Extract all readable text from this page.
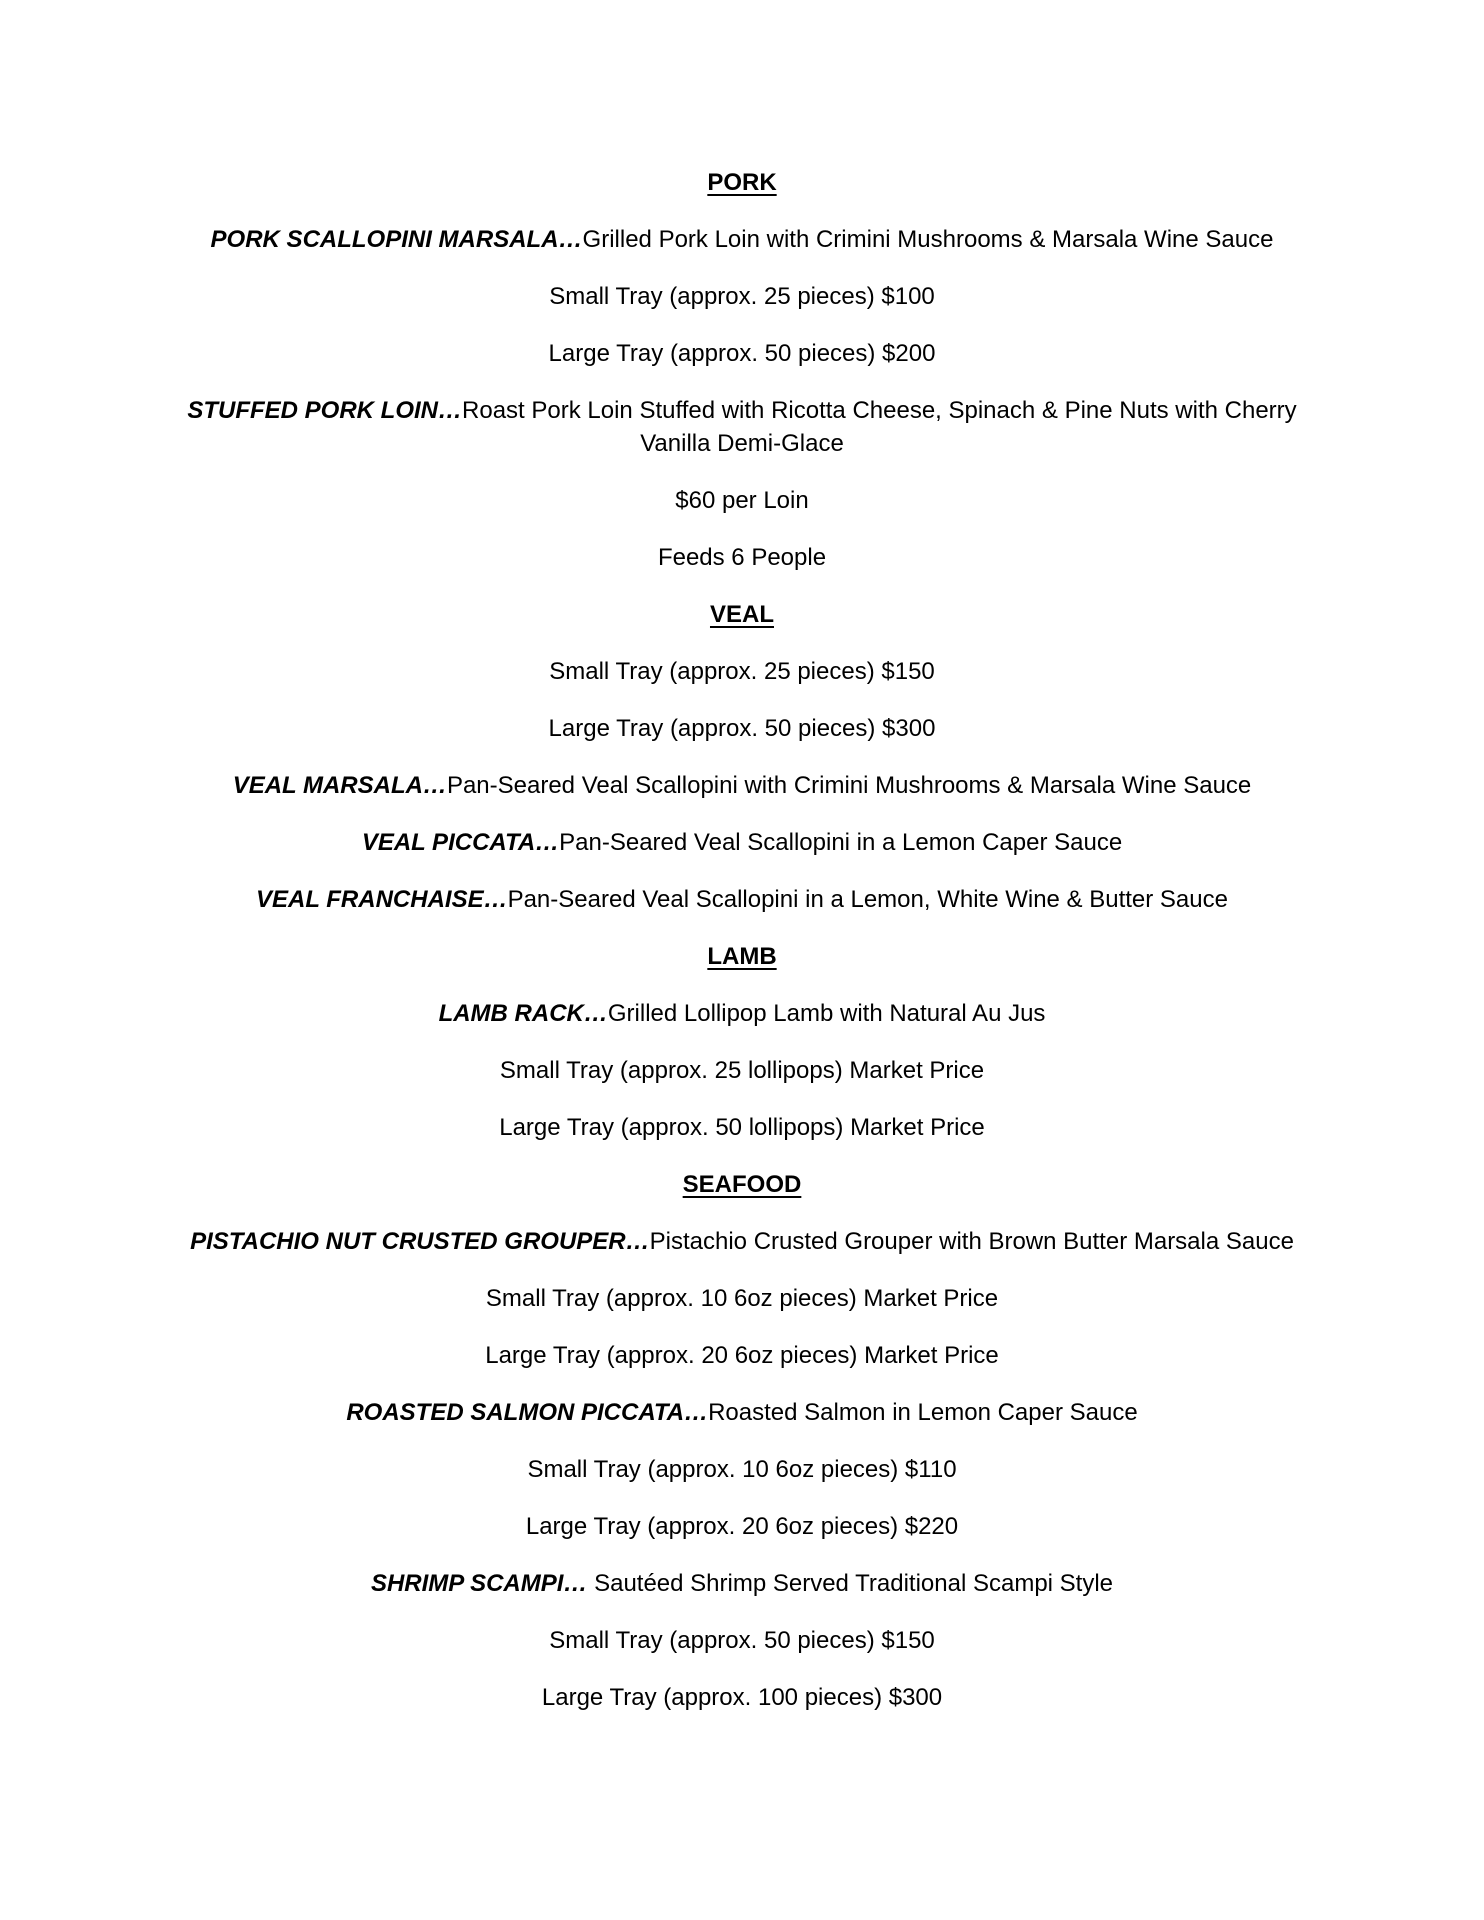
PORK
PORK SCALLOPINI MARSALA…Grilled Pork Loin with Crimini Mushrooms & Marsala Wine Sauce
Small Tray (approx. 25 pieces) $100
Large Tray (approx. 50 pieces) $200
STUFFED PORK LOIN…Roast Pork Loin Stuffed with Ricotta Cheese, Spinach & Pine Nuts with Cherry Vanilla Demi-Glace
$60 per Loin
Feeds 6 People
VEAL
Small Tray (approx. 25 pieces) $150
Large Tray (approx. 50 pieces) $300
VEAL MARSALA…Pan-Seared Veal Scallopini with Crimini Mushrooms & Marsala Wine Sauce
VEAL PICCATA…Pan-Seared Veal Scallopini in a Lemon Caper Sauce
VEAL FRANCHAISE…Pan-Seared Veal Scallopini in a Lemon, White Wine & Butter Sauce
LAMB
LAMB RACK…Grilled Lollipop Lamb with Natural Au Jus
Small Tray (approx. 25 lollipops) Market Price
Large Tray (approx. 50 lollipops) Market Price
SEAFOOD
PISTACHIO NUT CRUSTED GROUPER…Pistachio Crusted Grouper with Brown Butter Marsala Sauce
Small Tray (approx. 10 6oz pieces) Market Price
Large Tray (approx. 20 6oz pieces) Market Price
ROASTED SALMON PICCATA…Roasted Salmon in Lemon Caper Sauce
Small Tray (approx. 10 6oz pieces) $110
Large Tray (approx. 20 6oz pieces) $220
SHRIMP SCAMPI… Sautéed Shrimp Served Traditional Scampi Style
Small Tray (approx. 50 pieces) $150
Large Tray (approx. 100 pieces) $300
